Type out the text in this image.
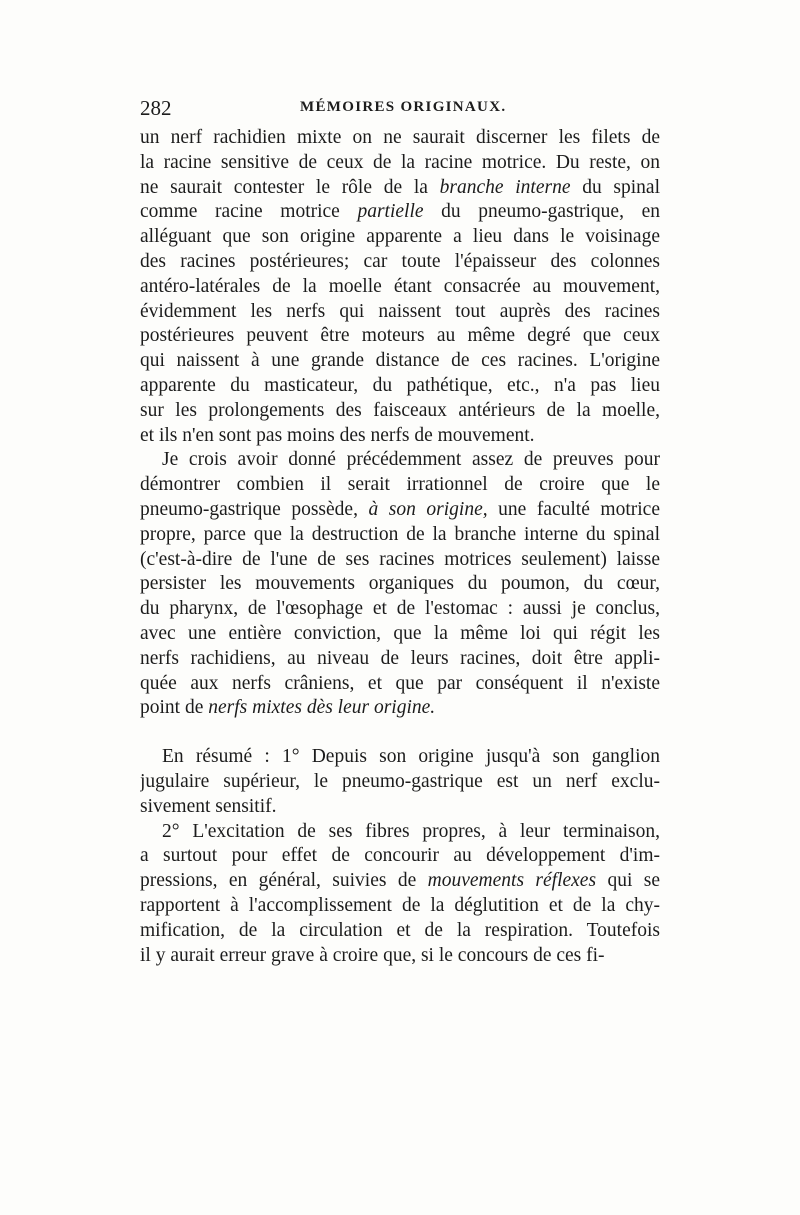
282	MÉMOIRES ORIGINAUX.
un nerf rachidien mixte on ne saurait discerner les filets de
la racine sensitive de ceux de la racine motrice. Du reste, on
ne saurait contester le rôle de la branche interne du spinal
comme racine motrice partielle du pneumo-gastrique, en
alléguant que son origine apparente a lieu dans le voisinage
des racines postérieures; car toute l'épaisseur des colonnes
antéro-latérales de la moelle étant consacrée au mouvement,
évidemment les nerfs qui naissent tout auprès des racines
postérieures peuvent être moteurs au même degré que ceux
qui naissent à une grande distance de ces racines. L'origine
apparente du masticateur, du pathétique, etc., n'a pas lieu
sur les prolongements des faisceaux antérieurs de la moelle,
et ils n'en sont pas moins des nerfs de mouvement.
Je crois avoir donné précédemment assez de preuves pour
démontrer combien il serait irrationnel de croire que le
pneumo-gastrique possède, à son origine, une faculté motrice
propre, parce que la destruction de la branche interne du spinal
(c'est-à-dire de l'une de ses racines motrices seulement) laisse
persister les mouvements organiques du poumon, du cœur,
du pharynx, de l'œsophage et de l'estomac : aussi je conclus,
avec une entière conviction, que la même loi qui régit les
nerfs rachidiens, au niveau de leurs racines, doit être appli-
quée aux nerfs crâniens, et que par conséquent il n'existe
point de nerfs mixtes dès leur origine.
En résumé : 1° Depuis son origine jusqu'à son ganglion
jugulaire supérieur, le pneumo-gastrique est un nerf exclu-
sivement sensitif.
2° L'excitation de ses fibres propres, à leur terminaison,
a surtout pour effet de concourir au développement d'im-
pressions, en général, suivies de mouvements réflexes qui se
rapportent à l'accomplissement de la déglutition et de la chy-
mification, de la circulation et de la respiration. Toutefois
il y aurait erreur grave à croire que, si le concours de ces fi-
